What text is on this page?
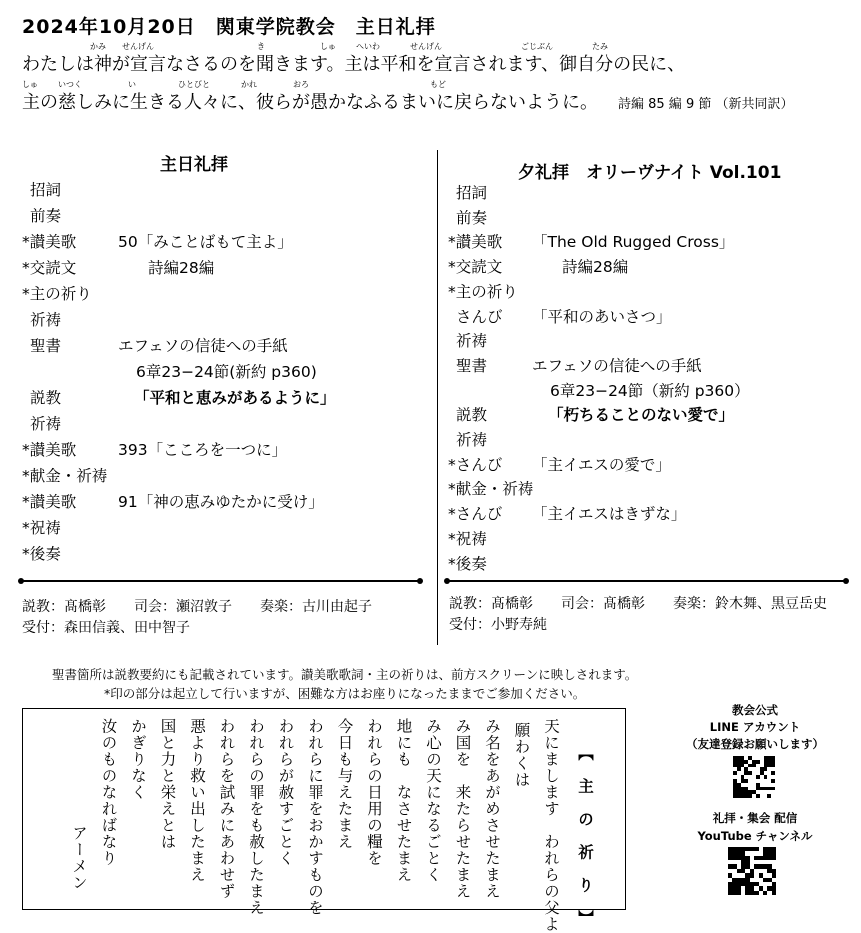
2024年10月20日　関東学院教会　主日礼拝
わたしは神が宣言なさるのを聞きます。主は平和を宣言されます、御自分の民に、
主の慈しみに生きる人々に、彼らが愚かなふるまいに戻らないように。
かみ せんげん	き	しゅ	へいわ	せんげん	ごじぶん	たみ
しゅ	いつく	い	ひとびと	かれ	おろ	もど
詩編 85 編 9 節 （新共同訳）
主日礼拝
招詞
前奏
*讃美歌	50「みことばもて主よ」
*交読文	詩編28編
*主の祈り
祈祷
聖書	エフェソの信徒への手紙
6章23−24節(新約 p360)
説教	「平和と恵みがあるように」
祈祷
*讃美歌	393「こころを一つに」
*献金・祈祷
*讃美歌	91「神の恵みゆたかに受け」
*祝祷
*後奏
夕礼拝　オリーヴナイト Vol.101
招詞
前奏
*讃美歌 「The Old Rugged Cross」
*交読文	詩編28編
*主の祈り
さんび 「平和のあいさつ」
祈祷
聖書	エフェソの信徒への手紙
6章23−24節（新約 p360）
説教	「朽ちることのない愛で」
祈祷
*さんび 「主イエスの愛で」
*献金・祈祷
*さんび 「主イエスはきずな」
*祝祷
*後奏
説教：髙橋彰　　司会：瀬沼敦子　　奏楽：古川由起子
受付：森田信義、田中智子
説教：髙橋彰　　司会：髙橋彰　　奏楽：鈴木舞、黒豆岳史
受付：小野寿純
聖書箇所は説教要約にも記載されています。讃美歌歌詞・主の祈りは、前方スクリーンに映しされます。
*印の部分は起立して行いますが、困難な方はお座りになったままでご参加ください。
【　主　の　祈　り　】
天にまします　われらの父よ
願わくは
み名をあがめさせたまえ
み国を　来たらせたまえ
み心の天になるごとく
地にも　なさせたまえ
われらの日用の糧を
今日も与えたまえ
われらに罪をおかすものを
われらが赦すごとく
われらの罪をも赦したまえ
われらを試みにあわせず
悪より救い出したまえ
国と力と栄えとは
かぎりなく
汝のものなればなり
アーメン
教会公式
LINE アカウント
（友達登録お願いします）
礼拝・集会 配信
YouTube チャンネル
